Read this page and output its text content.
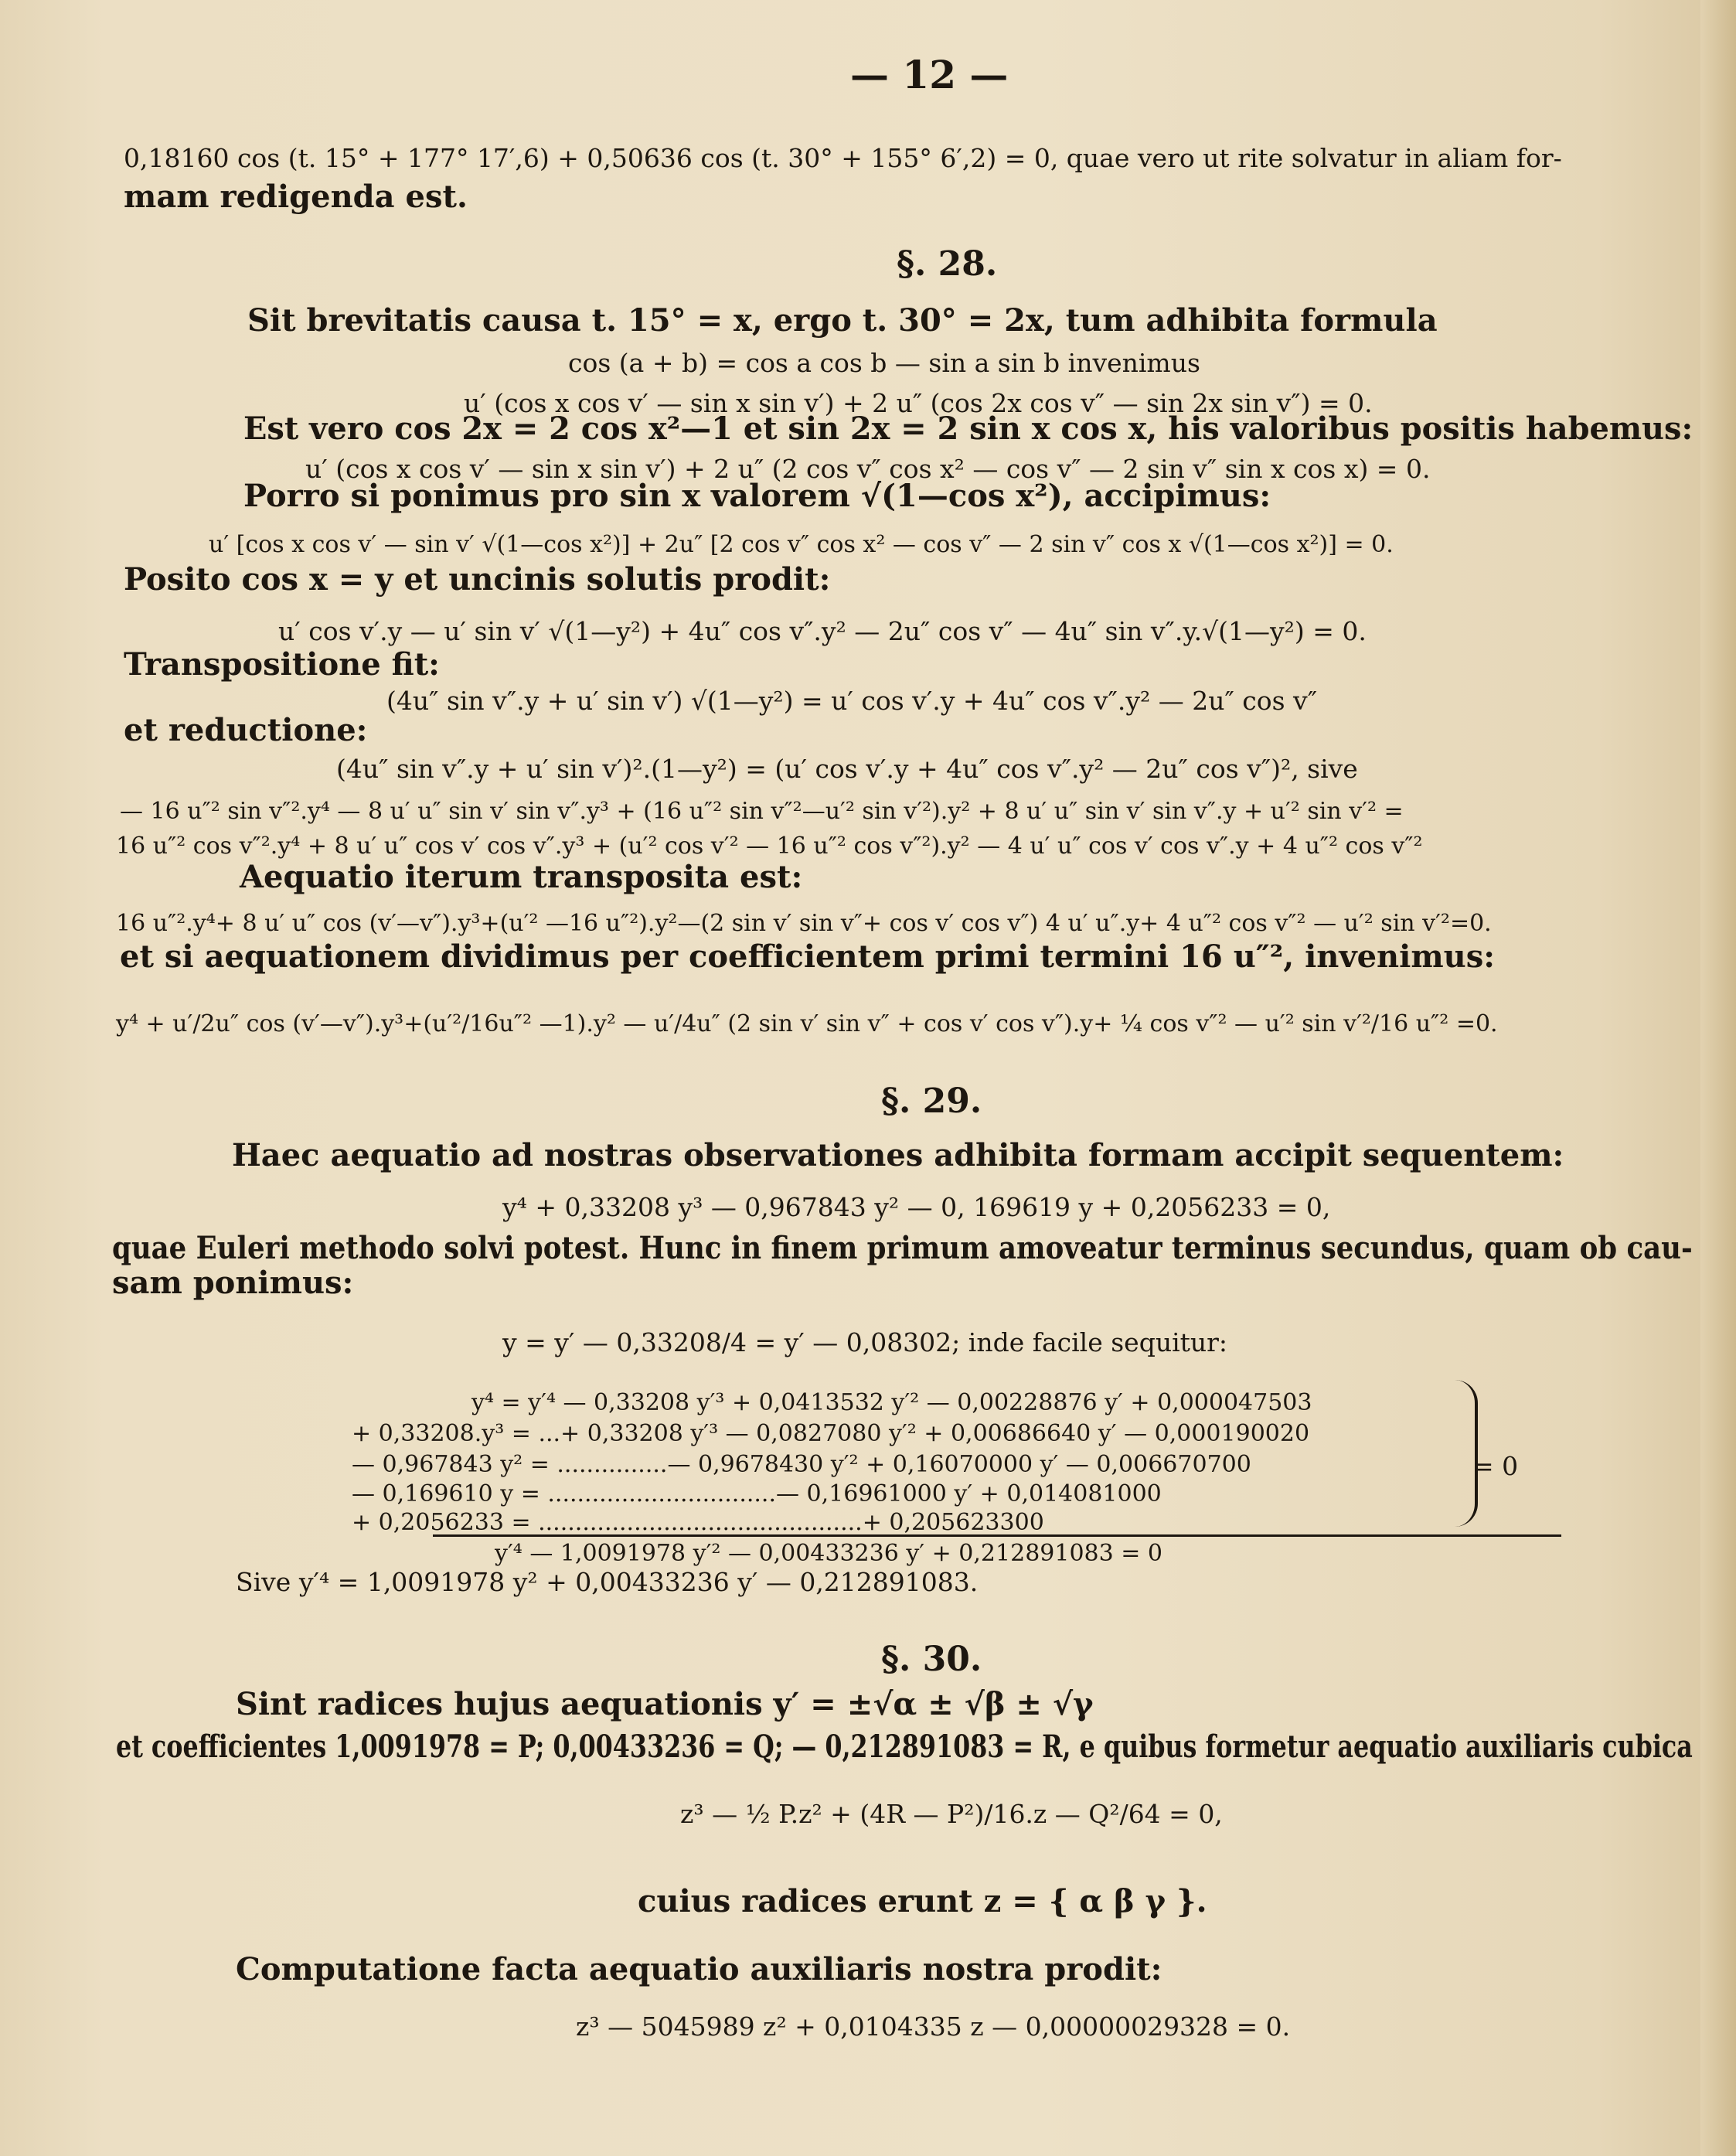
— 12 —
0,18160 cos (t. 15° + 177° 17′,6) + 0,50636 cos (t. 30° + 155° 6′,2) = 0, quae vero ut rite solvatur in aliam for-
mam redigenda est.
§. 28.
Sit brevitatis causa t. 15° = x, ergo t. 30° = 2x, tum adhibita formula
cos (a + b) = cos a cos b — sin a sin b invenimus
u′ (cos x cos v′ — sin x sin v′) + 2 u″ (cos 2x cos v″ — sin 2x sin v″) = 0.
Est vero cos 2x = 2 cos x²—1 et sin 2x = 2 sin x cos x, his valoribus positis habemus:
u′ (cos x cos v′ — sin x sin v′) + 2 u″ (2 cos v″ cos x² — cos v″ — 2 sin v″ sin x cos x) = 0.
Porro si ponimus pro sin x valorem √(1—cos x²), accipimus:
u′ [cos x cos v′ — sin v′ √(1—cos x²)] + 2u″ [2 cos v″ cos x² — cos v″ — 2 sin v″ cos x √(1—cos x²)] = 0.
Posito cos x = y et uncinis solutis prodit:
u′ cos v′.y — u′ sin v′ √(1—y²) + 4u″ cos v″.y² — 2u″ cos v″ — 4u″ sin v″.y.√(1—y²) = 0.
Transpositione fit:
(4u″ sin v″.y + u′ sin v′) √(1—y²) = u′ cos v′.y + 4u″ cos v″.y² — 2u″ cos v″
et reductione:
(4u″ sin v″.y + u′ sin v′)².(1—y²) = (u′ cos v′.y + 4u″ cos v″.y² — 2u″ cos v″)², sive
— 16 u″² sin v″².y⁴ — 8 u′ u″ sin v′ sin v″.y³ + (16 u″² sin v″²—u′² sin v′²).y² + 8 u′ u″ sin v′ sin v″.y + u′² sin v′² =
16 u″² cos v″².y⁴ + 8 u′ u″ cos v′ cos v″.y³ + (u′² cos v′² — 16 u″² cos v″²).y² — 4 u′ u″ cos v′ cos v″.y + 4 u″² cos v″²
Aequatio iterum transposita est:
16 u″².y⁴+ 8 u′ u″ cos (v′—v″).y³+(u′² —16 u″²).y²—(2 sin v′ sin v″+ cos v′ cos v″) 4 u′ u″.y+ 4 u″² cos v″² — u′² sin v′²=0.
et si aequationem dividimus per coefficientem primi termini 16 u″², invenimus:
y⁴ + u′/2u″ cos (v′—v″).y³+(u′²/16u″² —1).y² — u′/4u″ (2 sin v′ sin v″ + cos v′ cos v″).y+ ¼ cos v″² — u′² sin v′²/16 u″² =0.
§. 29.
Haec aequatio ad nostras observationes adhibita formam accipit sequentem:
y⁴ + 0,33208 y³ — 0,967843 y² — 0, 169619 y + 0,2056233 = 0,
quae Euleri methodo solvi potest. Hunc in finem primum amoveatur terminus secundus, quam ob cau-
sam ponimus:
y = y′ — 0,33208/4 = y′ — 0,08302; inde facile sequitur:
y⁴ = y′⁴ — 0,33208 y′³ + 0,0413532 y′² — 0,00228876 y′ + 0,000047503
+ 0,33208.y³ = ...+ 0,33208 y′³ — 0,0827080 y′² + 0,00686640 y′ — 0,000190020
— 0,967843 y² = ...............— 0,9678430 y′² + 0,16070000 y′ — 0,006670700
— 0,169610 y = ...............................— 0,16961000 y′ + 0,014081000
+ 0,2056233 = ............................................+ 0,205623300
= 0
y′⁴ — 1,0091978 y′² — 0,00433236 y′ + 0,212891083 = 0
Sive y′⁴ = 1,0091978 y² + 0,00433236 y′ — 0,212891083.
§. 30.
Sint radices hujus aequationis y′ = ±√α ± √β ± √γ
et coefficientes 1,0091978 = P; 0,00433236 = Q; — 0,212891083 = R, e quibus formetur aequatio auxiliaris cubica
z³ — ½ P.z² + (4R — P²)/16.z — Q²/64 = 0,
cuius radices erunt z = { α β γ }.
Computatione facta aequatio auxiliaris nostra prodit:
z³ — 5045989 z² + 0,0104335 z — 0,00000029328 = 0.
